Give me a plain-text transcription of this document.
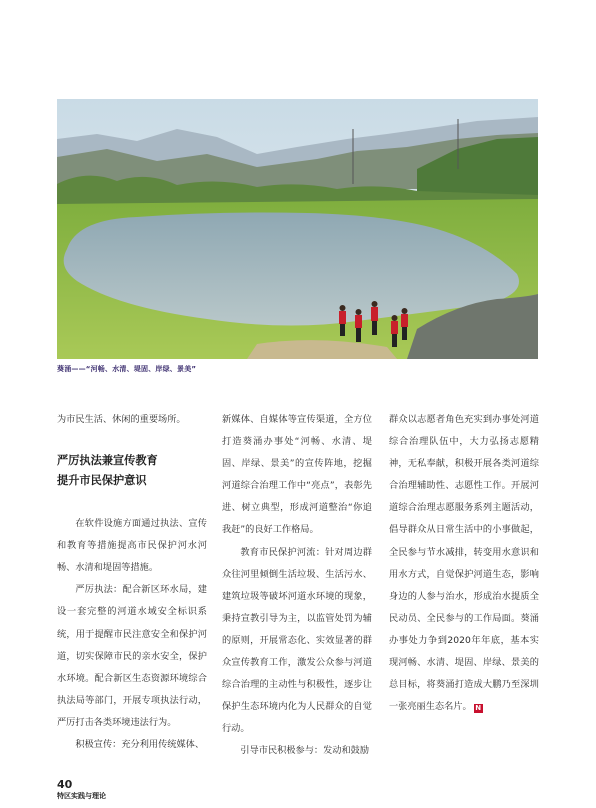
葵涌——“河畅、水清、堤固、岸绿、景美”

为市民生活、休闲的重要场所。

严厉执法兼宣传教育
提升市民保护意识

在软件设施方面通过执法、宣传和教育等措施提高市民保护河水河畅、水清和堤固等措施。

严厉执法：配合新区环水局，建设一套完整的河道水域安全标识系统，用于提醒市民注意安全和保护河道，切实保障市民的亲水安全，保护水环境。配合新区生态资源环境综合执法局等部门，开展专项执法行动，严厉打击各类环境违法行为。

积极宣传：充分利用传统媒体、

新媒体、自媒体等宣传渠道，全方位打造葵涌办事处“河畅、水清、堤固、岸绿、景美”的宣传阵地，挖掘河道综合治理工作中“亮点”，表彰先进、树立典型，形成河道整治“你追我赶”的良好工作格局。

教育市民保护河流：针对周边群众往河里倾倒生活垃圾、生活污水、建筑垃圾等破坏河道水环境的现象，秉持宣教引导为主，以监管处罚为辅的原则，开展常态化、实效显著的群众宣传教育工作，激发公众参与河道综合治理的主动性与积极性，逐步让保护生态环境内化为人民群众的自觉行动。

引导市民积极参与：发动和鼓励

群众以志愿者角色充实到办事处河道综合治理队伍中，大力弘扬志愿精神，无私奉献，积极开展各类河道综合治理辅助性、志愿性工作。开展河道综合治理志愿服务系列主题活动，倡导群众从日常生活中的小事做起，全民参与节水减排，转变用水意识和用水方式，自觉保护河道生态，影响身边的人参与治水，形成治水提质全民动员、全民参与的工作局面。葵涌办事处力争到2020年年底，基本实现河畅、水清、堤固、岸绿、景美的总目标，将葵涌打造成大鹏乃至深圳一张亮丽生态名片。 N

40
特区实践与理论
